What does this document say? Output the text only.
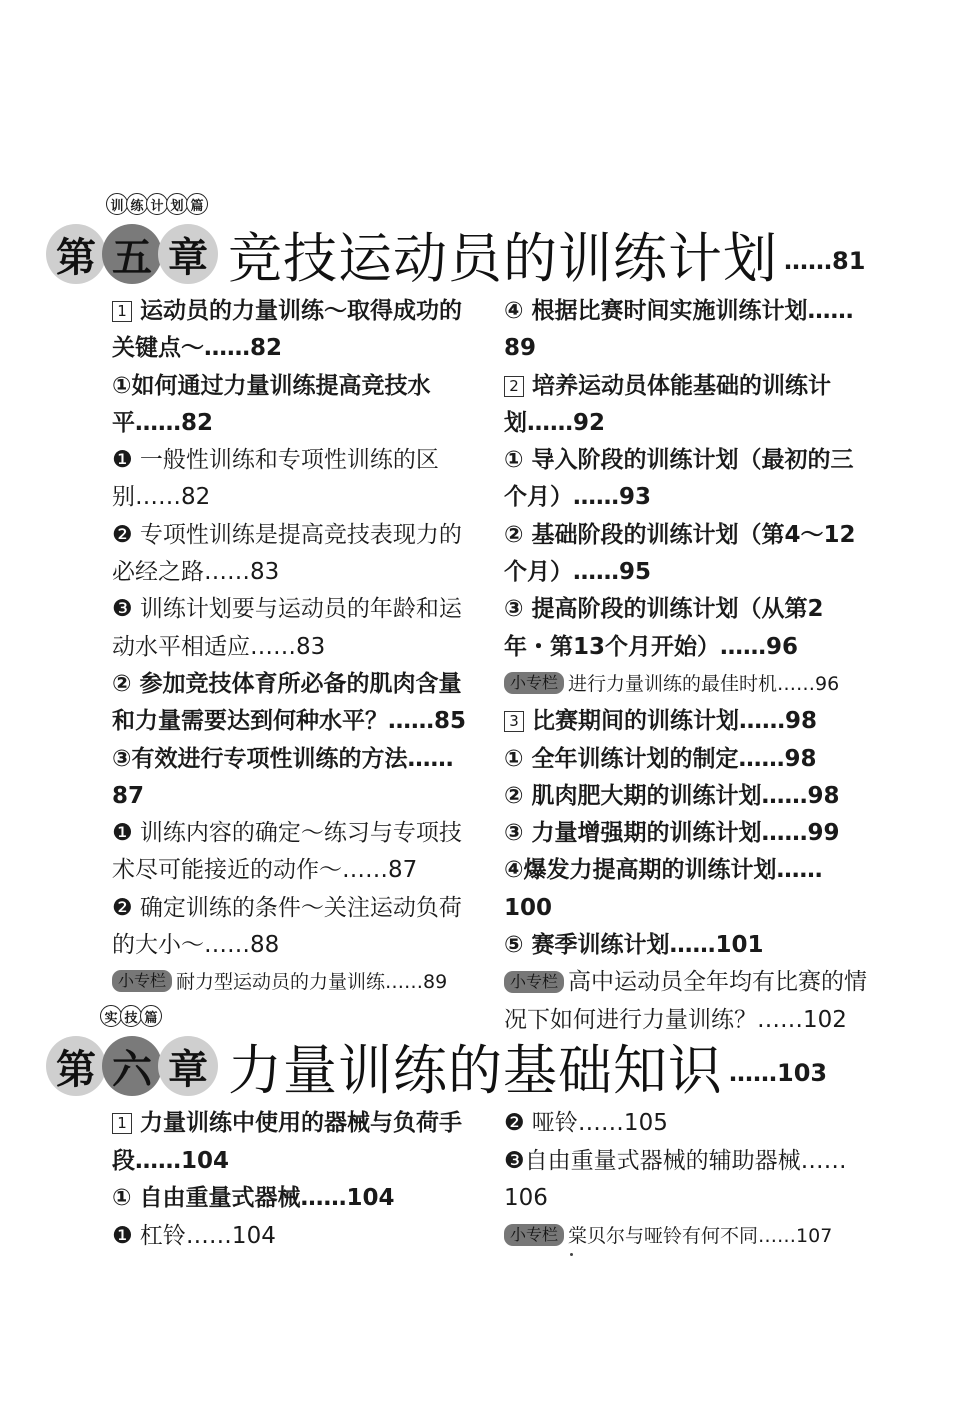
训 练 计 划 篇
第 五 章 竞技运动员的训练计划 ……81
1 运动员的力量训练～取得成功的关键点～……82
①如何通过力量训练提高竞技水平……82
❶ 一般性训练和专项性训练的区别……82
❷ 专项性训练是提高竞技表现力的必经之路……83
❸ 训练计划要与运动员的年龄和运动水平相适应……83
② 参加竞技体育所必备的肌肉含量和力量需要达到何种水平？……85
③有效进行专项性训练的方法……87
❶ 训练内容的确定～练习与专项技术尽可能接近的动作～……87
❷ 确定训练的条件～关注运动负荷的大小～……88
小专栏 耐力型运动员的力量训练……89
④ 根据比赛时间实施训练计划……89
2 培养运动员体能基础的训练计划……92
① 导入阶段的训练计划（最初的三个月）……93
② 基础阶段的训练计划（第4～12个月）……95
③ 提高阶段的训练计划（从第2年・第13个月开始）……96
小专栏 进行力量训练的最佳时机……96
3 比赛期间的训练计划……98
① 全年训练计划的制定……98
② 肌肉肥大期的训练计划……98
③ 力量增强期的训练计划……99
④爆发力提高期的训练计划……100
⑤ 赛季训练计划……101
小专栏 高中运动员全年均有比赛的情况下如何进行力量训练？……102
实 技 篇
第 六 章 力量训练的基础知识 ……103
1 力量训练中使用的器械与负荷手段……104
① 自由重量式器械……104
❶ 杠铃……104
❷ 哑铃……105
❸自由重量式器械的辅助器械……106
小专栏 棠贝尔与哑铃有何不同……107
